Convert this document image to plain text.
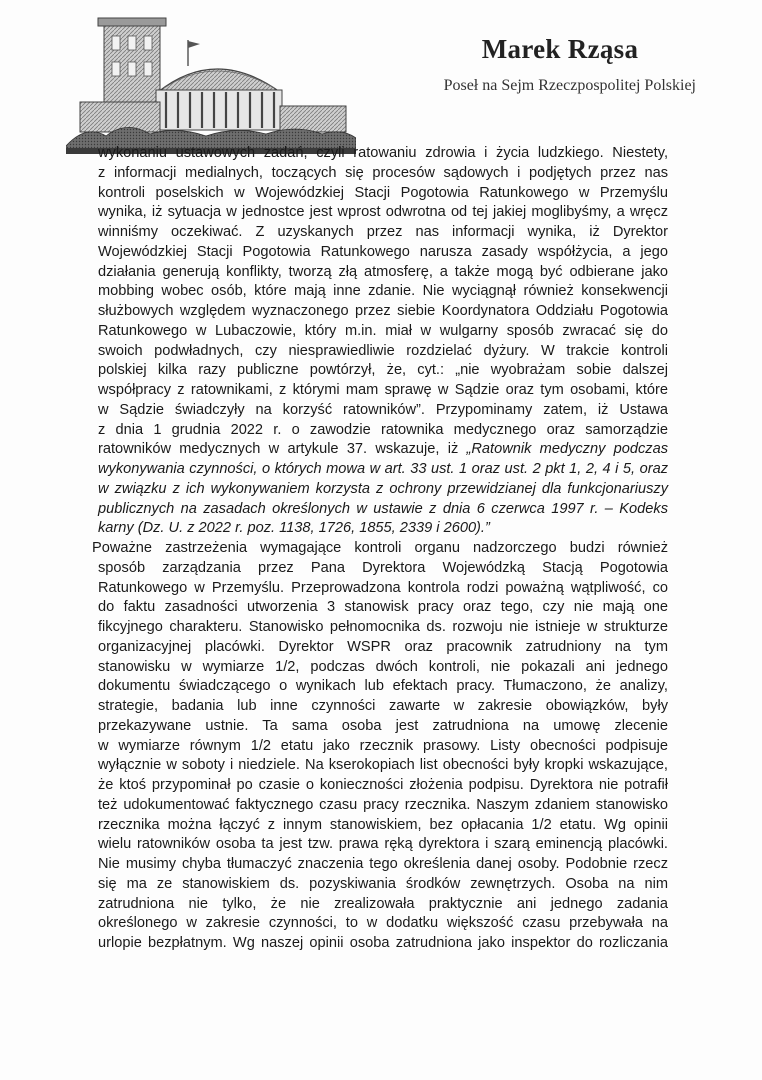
Marek Rząsa
Poseł na Sejm Rzeczpospolitej Polskiej
wykonaniu ustawowych zadań, czyli ratowaniu zdrowia i życia ludzkiego. Niestety,
z informacji medialnych, toczących się procesów sądowych i podjętych przez nas
kontroli poselskich w Wojewódzkiej Stacji Pogotowia Ratunkowego w Przemyślu
wynika, iż sytuacja w jednostce jest wprost odwrotna od tej jakiej moglibyśmy, a wręcz
winniśmy oczekiwać. Z uzyskanych przez nas informacji wynika, iż Dyrektor
Wojewódzkiej Stacji Pogotowia Ratunkowego narusza zasady współżycia, a jego
działania generują konflikty, tworzą złą atmosferę, a także mogą być odbierane jako
mobbing wobec osób, które mają inne zdanie. Nie wyciągnął również konsekwencji
służbowych względem wyznaczonego przez siebie Koordynatora Oddziału Pogotowia
Ratunkowego w Lubaczowie, który m.in. miał w wulgarny sposób zwracać się do
swoich podwładnych, czy niesprawiedliwie rozdzielać dyżury. W trakcie kontroli
polskiej kilka razy publiczne powtórzył, że, cyt.: „nie wyobrażam sobie dalszej
współpracy z ratownikami, z którymi mam sprawę w Sądzie oraz tym osobami, które
w Sądzie świadczyły na korzyść ratowników”. Przypominamy zatem, iż Ustawa
z dnia 1 grudnia 2022 r. o zawodzie ratownika medycznego oraz samorządzie
ratowników medycznych w artykule 37. wskazuje, iż „Ratownik medyczny podczas
wykonywania czynności, o których mowa w art. 33 ust. 1 oraz ust. 2 pkt 1, 2, 4 i 5, oraz
w związku z ich wykonywaniem korzysta z ochrony przewidzianej dla funkcjonariuszy
publicznych na zasadach określonych w ustawie z dnia 6 czerwca 1997 r. – Kodeks
karny (Dz. U. z 2022 r. poz. 1138, 1726, 1855, 2339 i 2600).”
Poważne zastrzeżenia wymagające kontroli organu nadzorczego budzi również
sposób zarządzania przez Pana Dyrektora Wojewódzką Stacją Pogotowia
Ratunkowego w Przemyślu. Przeprowadzona kontrola rodzi poważną wątpliwość, co
do faktu zasadności utworzenia 3 stanowisk pracy oraz tego, czy nie mają one
fikcyjnego charakteru. Stanowisko pełnomocnika ds. rozwoju nie istnieje w strukturze
organizacyjnej placówki. Dyrektor WSPR oraz pracownik zatrudniony na tym
stanowisku w wymiarze 1/2, podczas dwóch kontroli, nie pokazali ani jednego
dokumentu świadczącego o wynikach lub efektach pracy. Tłumaczono, że analizy,
strategie, badania lub inne czynności zawarte w zakresie obowiązków, były
przekazywane ustnie. Ta sama osoba jest zatrudniona na umowę zlecenie
w wymiarze równym 1/2 etatu jako rzecznik prasowy. Listy obecności podpisuje
wyłącznie w soboty i niedziele. Na kserokopiach list obecności były kropki wskazujące,
że ktoś przypominał po czasie o konieczności złożenia podpisu. Dyrektora nie potrafił
też udokumentować faktycznego czasu pracy rzecznika. Naszym zdaniem stanowisko
rzecznika można łączyć z innym stanowiskiem, bez opłacania 1/2 etatu. Wg opinii
wielu ratowników osoba ta jest tzw. prawa ręką dyrektora i szarą eminencją placówki.
Nie musimy chyba tłumaczyć znaczenia tego określenia danej osoby. Podobnie rzecz
się ma ze stanowiskiem ds. pozyskiwania środków zewnętrzych. Osoba na nim
zatrudniona nie tylko, że nie zrealizowała praktycznie ani jednego zadania
określonego w zakresie czynności, to w dodatku większość czasu przebywała na
urlopie bezpłatnym. Wg naszej opinii osoba zatrudniona jako inspektor do rozliczania
